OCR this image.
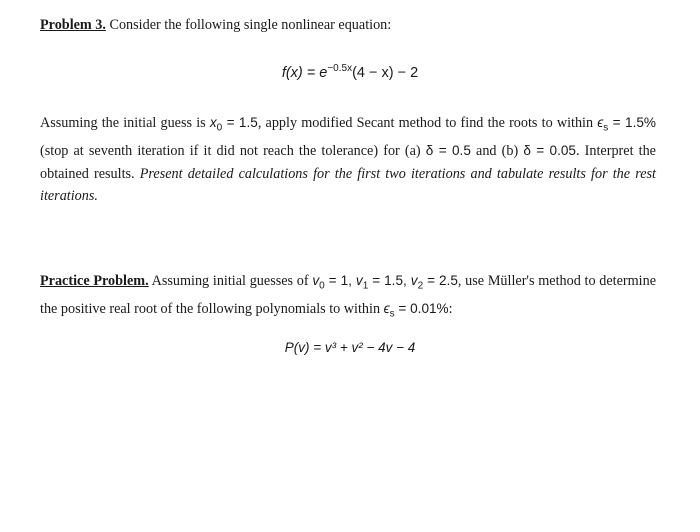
Problem 3. Consider the following single nonlinear equation:
$f(x) = e^{-0.5x}(4 - x) - 2$
Assuming the initial guess is $x_0 = 1.5$, apply modified Secant method to find the roots to within $\epsilon_s = 1.5\%$ (stop at seventh iteration if it did not reach the tolerance) for (a) δ = 0.5 and (b) δ = 0.05. Interpret the obtained results. Present detailed calculations for the first two iterations and tabulate results for the rest iterations.
Practice Problem. Assuming initial guesses of $v_0 = 1$, $v_1 = 1.5$, $v_2 = 2.5$, use Müller's method to determine the positive real root of the following polynomials to within $\epsilon_s = 0.01\%$:
P(v) = v³ + v² − 4v − 4
